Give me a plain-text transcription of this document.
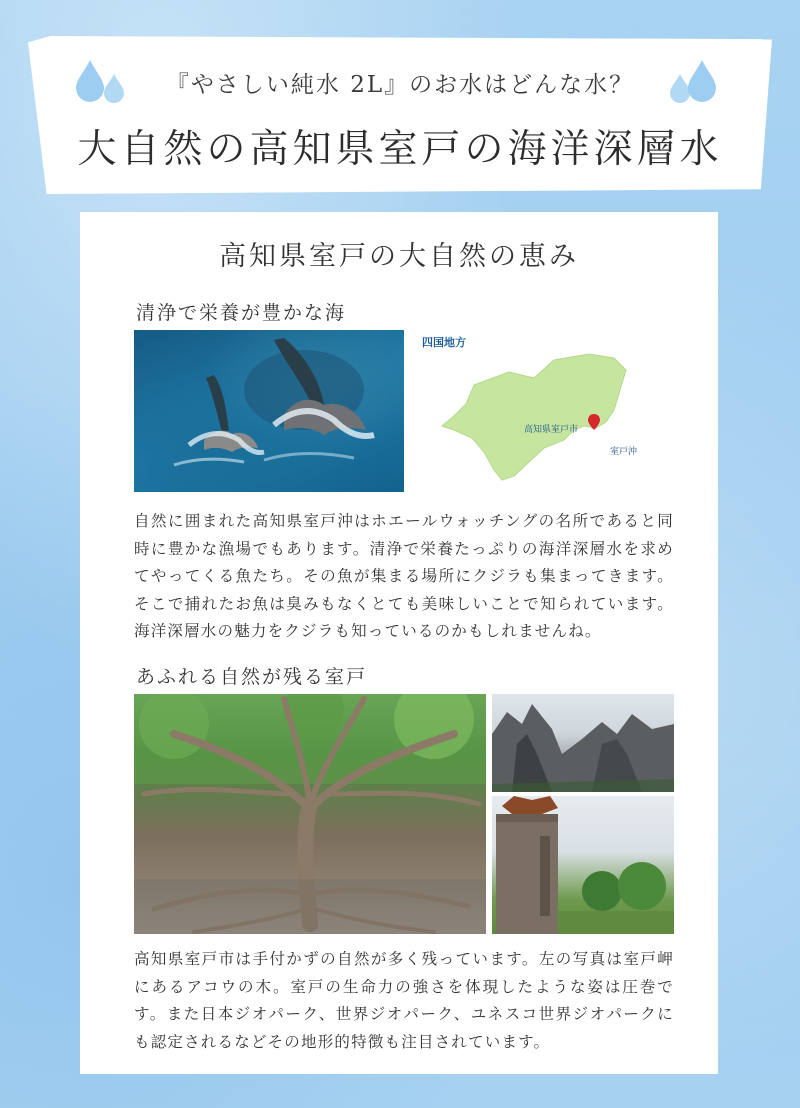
『やさしい純水 2L』のお水はどんな水？
大自然の高知県室戸の海洋深層水
高知県室戸の大自然の恵み
清浄で栄養が豊かな海
四国地方
高知県室戸市
室戸沖
自然に囲まれた高知県室戸沖はホエールウォッチングの名所であると同時に豊かな漁場でもあります。清浄で栄養たっぷりの海洋深層水を求めてやってくる魚たち。その魚が集まる場所にクジラも集まってきます。そこで捕れたお魚は臭みもなくとても美味しいことで知られています。海洋深層水の魅力をクジラも知っているのかもしれませんね。
あふれる自然が残る室戸
高知県室戸市は手付かずの自然が多く残っています。左の写真は室戸岬にあるアコウの木。室戸の生命力の強さを体現したような姿は圧巻です。また日本ジオパーク、世界ジオパーク、ユネスコ世界ジオパークにも認定されるなどその地形的特徴も注目されています。
